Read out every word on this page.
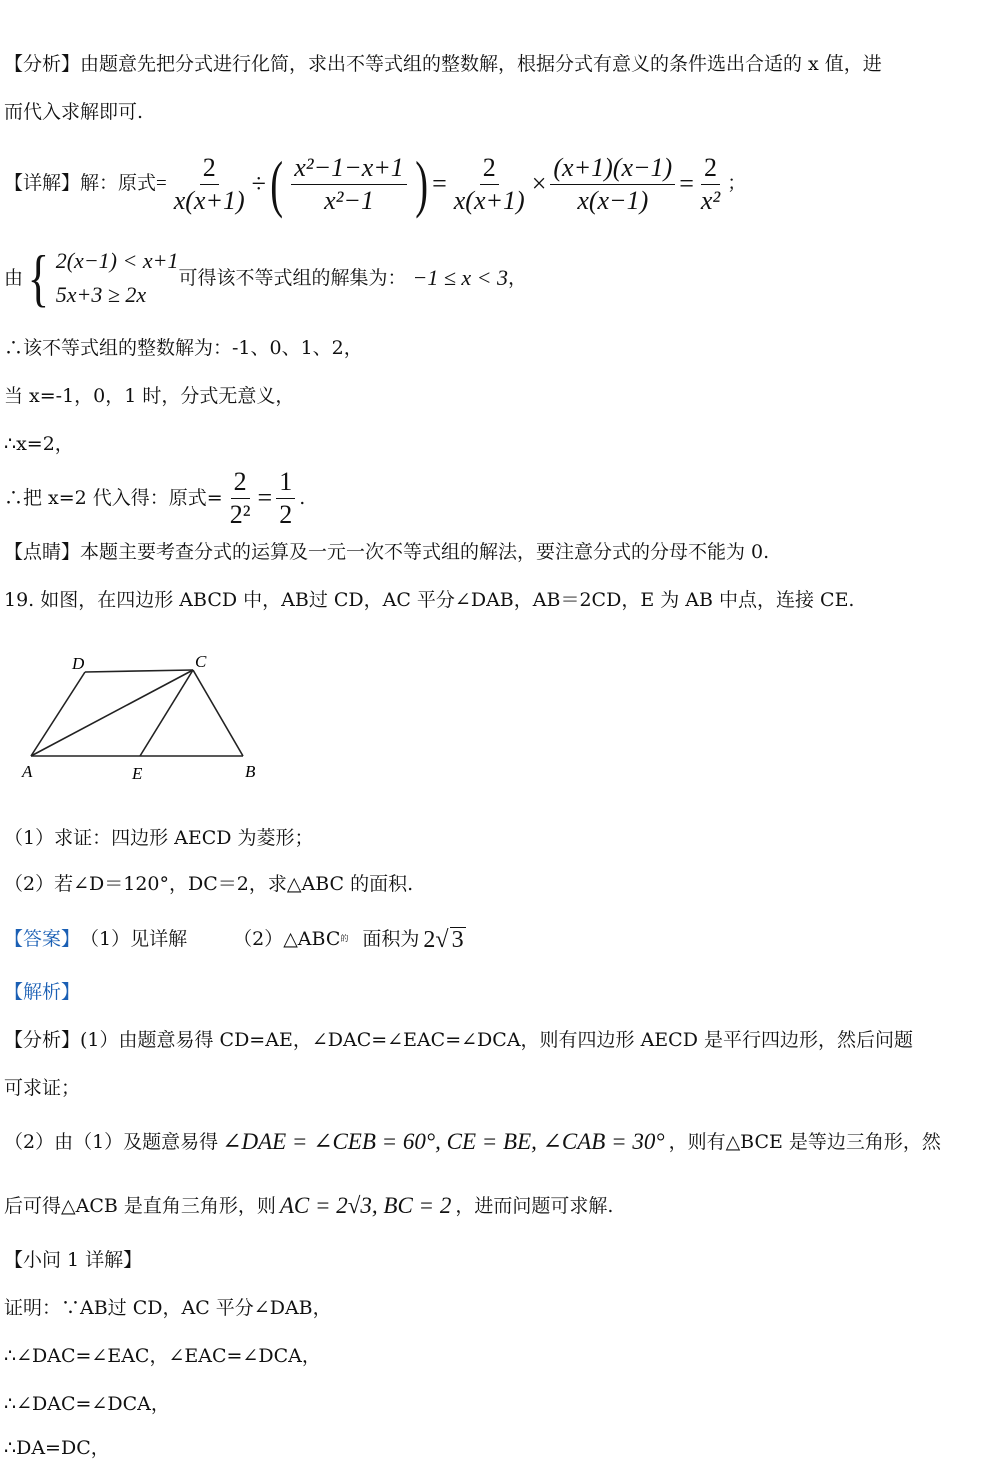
【分析】由题意先把分式进行化简，求出不等式组的整数解，根据分式有意义的条件选出合适的 x 值，进
而代入求解即可.
【详解】解：原式= $\frac{2}{x(x+1)}$ ÷ ( $\frac{\text{x²−1−x+1}}{\text{x²−1}}$ ) = $\frac{2}{x(x+1)} \times \frac{(x+1)(x-1)}{x(x-1)} = \frac{2}{\text{x²}}$ ；
由 { 2(x−1) < x+1
5x+3 ≥ 2x
可得该不等式组的解集为： −1 ≤ x < 3 ，
∴该不等式组的整数解为：-1、0、1、2，
当 x=-1，0，1 时，分式无意义，
∴x=2，
∴把 x=2 代入得：原式= $\frac{2}{\text{2²}} = \frac{1}{2}$ .
【点睛】本题主要考查分式的运算及一元一次不等式组的解法，要注意分式的分母不能为 0.
19. 如图，在四边形 ABCD 中，AB过 CD，AC 平分∠DAB，AB＝2CD，E 为 AB 中点，连接 CE.
D	C
A	E	B
（1）求证：四边形 AECD 为菱形；
（2）若∠D＝120°，DC＝2，求△ABC 的面积.
【答案】 （1）见详解 （2）△ABC 的 面积为 2√ 3
【解析】
【分析】(1）由题意易得 CD=AE，∠DAC=∠EAC=∠DCA，则有四边形 AECD 是平行四边形，然后问题
可求证；
（2）由（1）及题意易得 ∠DAE = ∠CEB = 60°, CE = BE, ∠CAB = 30° ，则有△BCE 是等边三角形，然
后可得△ACB 是直角三角形，则 AC = 2√3, BC = 2 ，进而问题可求解.
【小问 1 详解】
证明：∵AB过 CD，AC 平分∠DAB，
∴∠DAC=∠EAC，∠EAC=∠DCA，
∴∠DAC=∠DCA，
∴DA=DC，
